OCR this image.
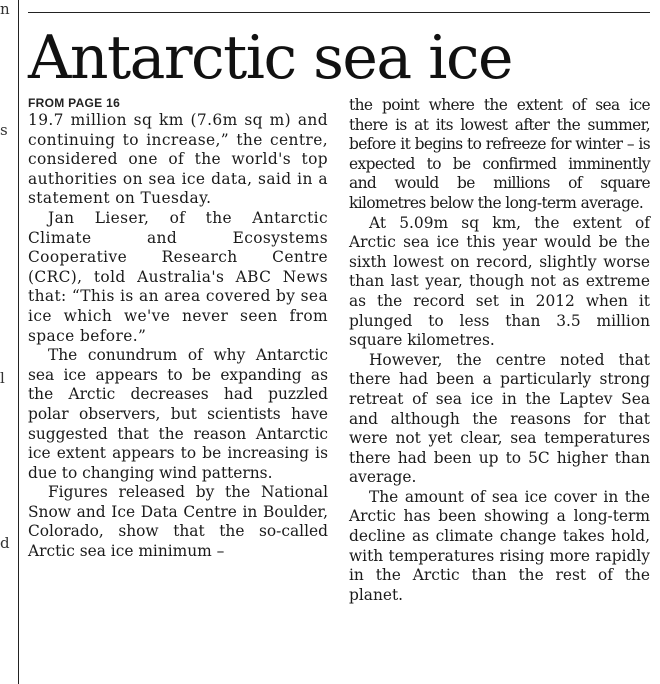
n
s
l
d
Antarctic sea ice

FROM PAGE 16

19.7 million sq km (7.6m sq m) and continuing to increase,” the centre, considered one of the world's top authorities on sea ice data, said in a statement on Tuesday.

Jan Lieser, of the Antarctic Climate and Ecosystems Cooperative Research Centre (CRC), told Australia's ABC News that: “This is an area covered by sea ice which we've never seen from space before.”

The conundrum of why Antarctic sea ice appears to be expanding as the Arctic decreases had puzzled polar observers, but scientists have suggested that the reason Antarctic ice extent appears to be increasing is due to changing wind patterns.

Figures released by the National Snow and Ice Data Centre in Boulder, Colorado, show that the so-called Arctic sea ice minimum –

the point where the extent of sea ice there is at its lowest after the summer, before it begins to refreeze for winter – is expected to be confirmed imminently and would be millions of square kilometres below the long-term average.

At 5.09m sq km, the extent of Arctic sea ice this year would be the sixth lowest on record, slightly worse than last year, though not as extreme as the record set in 2012 when it plunged to less than 3.5 million square kilometres.

However, the centre noted that there had been a particularly strong retreat of sea ice in the Laptev Sea and although the reasons for that were not yet clear, sea temperatures there had been up to 5C higher than average.

The amount of sea ice cover in the Arctic has been showing a long-term decline as climate change takes hold, with temperatures rising more rapidly in the Arctic than the rest of the planet.
